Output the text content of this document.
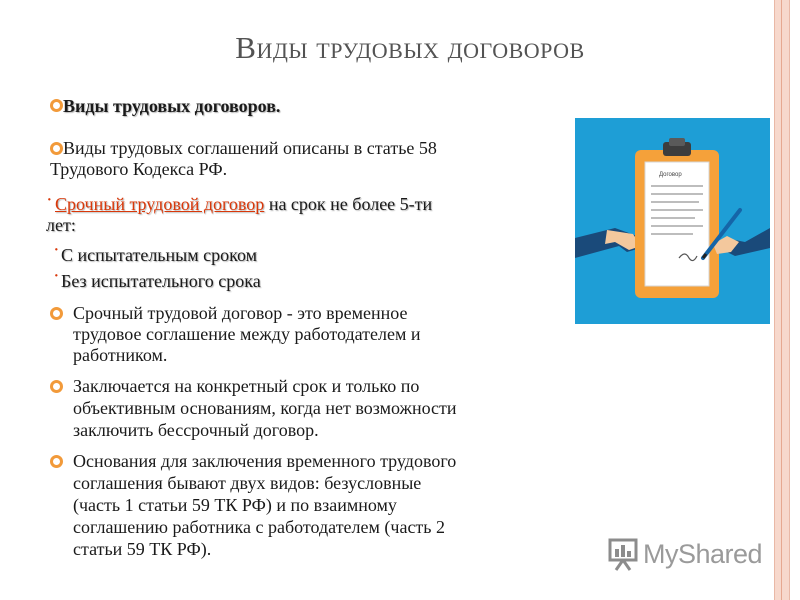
Виды трудовых договоров
Виды трудовых договоров.
Виды трудовых соглашений описаны в статье 58
Трудового Кодекса РФ.
· Срочный трудовой договор на срок не более 5-ти
лет:
· С испытательным сроком
· Без испытательного срока
Срочный трудовой договор - это временное
трудовое соглашение между работодателем и
работником.
Заключается на конкретный срок и только по
объективным основаниям, когда нет возможности
заключить бессрочный договор.
Основания для заключения временного трудового
соглашения бывают двух видов: безусловные
(часть 1 статьи 59 ТК РФ) и по взаимному
соглашению работника с работодателем (часть 2
статьи 59 ТК РФ).
Договор
MyShared
